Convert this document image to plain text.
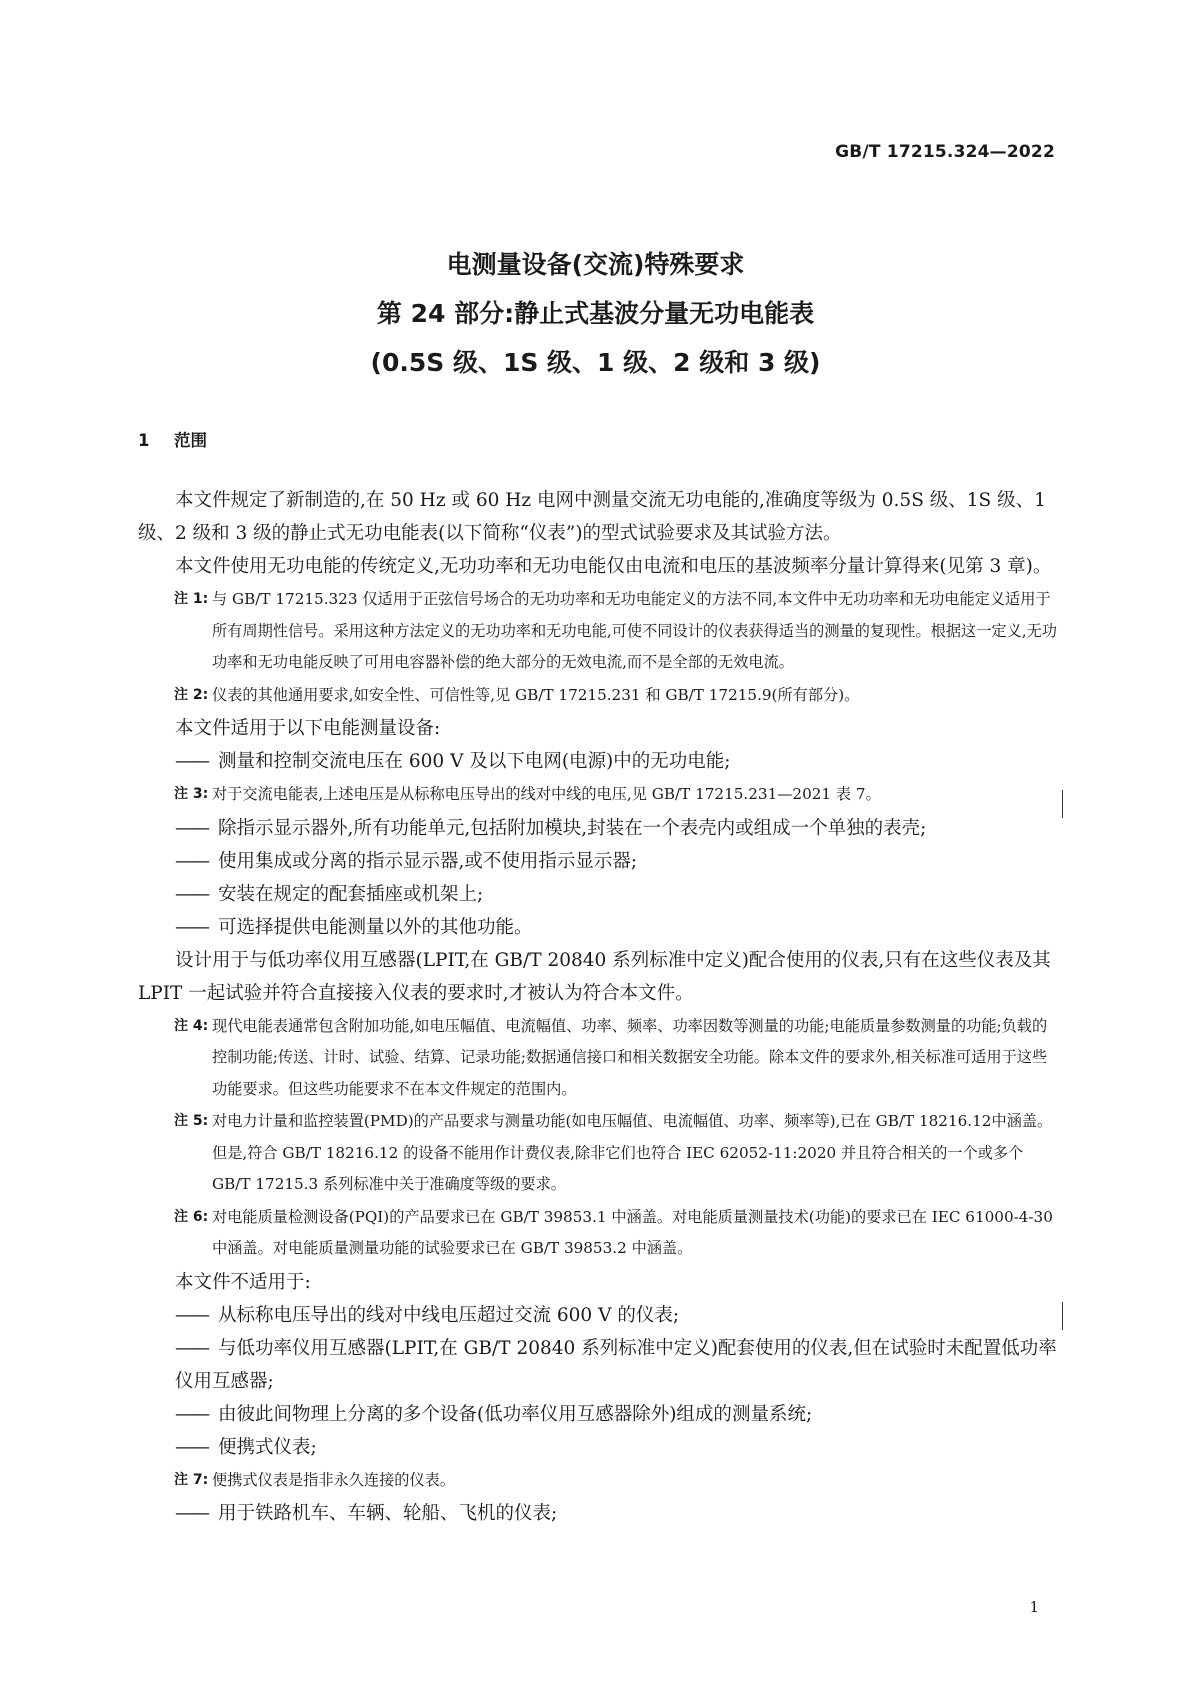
GB/T 17215.324—2022
电测量设备(交流)特殊要求
第 24 部分:静止式基波分量无功电能表
(0.5S 级、1S 级、1 级、2 级和 3 级)
1 范围

本文件规定了新制造的,在 50 Hz 或 60 Hz 电网中测量交流无功电能的,准确度等级为 0.5S 级、1S 级、1 级、2 级和 3 级的静止式无功电能表(以下简称“仪表”)的型式试验要求及其试验方法。

本文件使用无功电能的传统定义,无功功率和无功电能仅由电流和电压的基波频率分量计算得来(见第 3 章)。

注 1: 与 GB/T 17215.323 仅适用于正弦信号场合的无功功率和无功电能定义的方法不同,本文件中无功功率和无功电能定义适用于所有周期性信号。采用这种方法定义的无功功率和无功电能,可使不同设计的仪表获得适当的测量的复现性。根据这一定义,无功功率和无功电能反映了可用电容器补偿的绝大部分的无效电流,而不是全部的无效电流。
注 2: 仪表的其他通用要求,如安全性、可信性等,见 GB/T 17215.231 和 GB/T 17215.9(所有部分)。

本文件适用于以下电能测量设备:

—— 测量和控制交流电压在 600 V 及以下电网(电源)中的无功电能;
注 3: 对于交流电能表,上述电压是从标称电压导出的线对中线的电压,见 GB/T 17215.231—2021 表 7。
—— 除指示显示器外,所有功能单元,包括附加模块,封装在一个表壳内或组成一个单独的表壳;
—— 使用集成或分离的指示显示器,或不使用指示显示器;
—— 安装在规定的配套插座或机架上;
—— 可选择提供电能测量以外的其他功能。

设计用于与低功率仪用互感器(LPIT,在 GB/T 20840 系列标准中定义)配合使用的仪表,只有在这些仪表及其 LPIT 一起试验并符合直接接入仪表的要求时,才被认为符合本文件。

注 4: 现代电能表通常包含附加功能,如电压幅值、电流幅值、功率、频率、功率因数等测量的功能;电能质量参数测量的功能;负载的控制功能;传送、计时、试验、结算、记录功能;数据通信接口和相关数据安全功能。除本文件的要求外,相关标准可适用于这些功能要求。但这些功能要求不在本文件规定的范围内。
注 5: 对电力计量和监控装置(PMD)的产品要求与测量功能(如电压幅值、电流幅值、功率、频率等),已在 GB/T 18216.12中涵盖。但是,符合 GB/T 18216.12 的设备不能用作计费仪表,除非它们也符合 IEC 62052-11:2020 并且符合相关的一个或多个 GB/T 17215.3 系列标准中关于准确度等级的要求。
注 6: 对电能质量检测设备(PQI)的产品要求已在 GB/T 39853.1 中涵盖。对电能质量测量技术(功能)的要求已在 IEC 61000-4-30 中涵盖。对电能质量测量功能的试验要求已在 GB/T 39853.2 中涵盖。

本文件不适用于:

—— 从标称电压导出的线对中线电压超过交流 600 V 的仪表;
—— 与低功率仪用互感器(LPIT,在 GB/T 20840 系列标准中定义)配套使用的仪表,但在试验时未配置低功率仪用互感器;
—— 由彼此间物理上分离的多个设备(低功率仪用互感器除外)组成的测量系统;
—— 便携式仪表;
注 7: 便携式仪表是指非永久连接的仪表。
—— 用于铁路机车、车辆、轮船、飞机的仪表;
1
